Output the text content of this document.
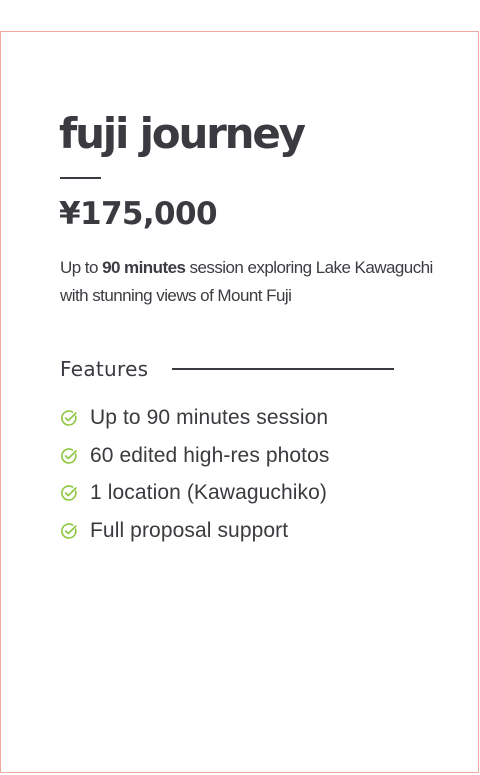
fuji journey
¥175,000

Up to 90 minutes session exploring Lake Kawaguchi with stunning views of Mount Fuji

Features
Up to 90 minutes session
60 edited high-res photos
1 location (Kawaguchiko)
Full proposal support
